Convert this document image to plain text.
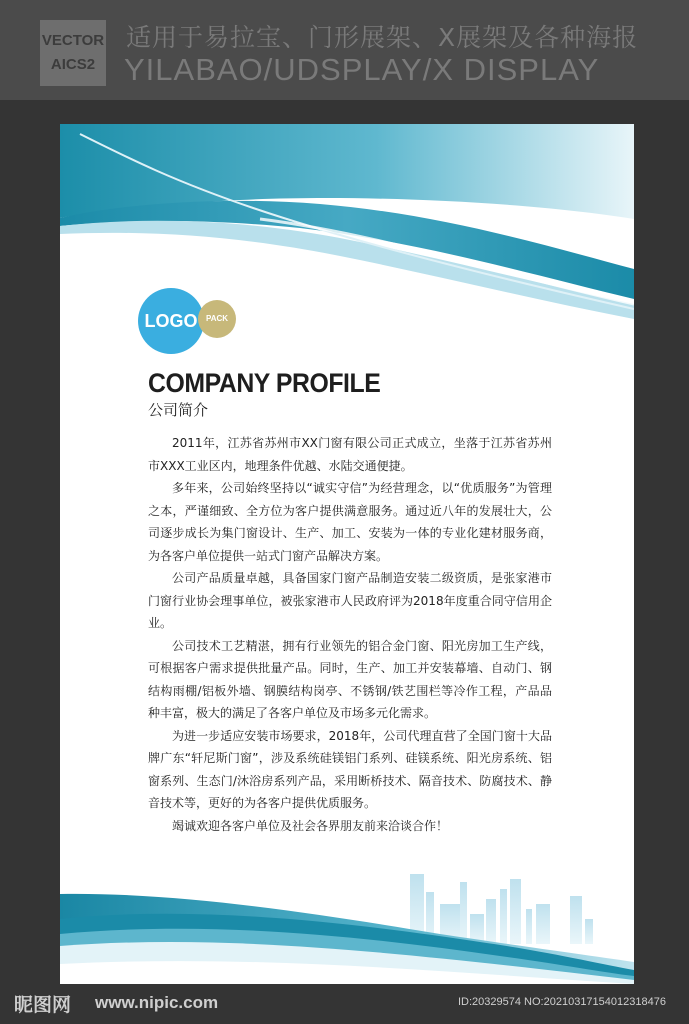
VECTOR
AICS2
适用于易拉宝、门形展架、X展架及各种海报
YILABAO/UDSPLAY/X DISPLAY
LOGO	PACK
COMPANY PROFILE
公司简介

2011年，江苏省苏州市XX门窗有限公司正式成立，坐落于江苏省苏州市XXX工业区内，地理条件优越、水陆交通便捷。

多年来，公司始终坚持以“诚实守信”为经营理念，以“优质服务”为管理之本，严谨细致、全方位为客户提供满意服务。通过近八年的发展壮大，公司逐步成长为集门窗设计、生产、加工、安装为一体的专业化建材服务商，为各客户单位提供一站式门窗产品解决方案。

公司产品质量卓越，具备国家门窗产品制造安装二级资质，是张家港市门窗行业协会理事单位，被张家港市人民政府评为2018年度重合同守信用企业。

公司技术工艺精湛，拥有行业领先的铝合金门窗、阳光房加工生产线，可根据客户需求提供批量产品。同时，生产、加工并安装幕墙、自动门、钢结构雨棚/铝板外墙、钢膜结构岗亭、不锈钢/铁艺围栏等冷作工程，产品品种丰富，极大的满足了各客户单位及市场多元化需求。

为进一步适应安装市场要求，2018年，公司代理直营了全国门窗十大品牌广东“轩尼斯门窗”，涉及系统硅镁铝门系列、硅镁系统、阳光房系统、铝窗系列、生态门/沐浴房系列产品，采用断桥技术、隔音技术、防腐技术、静音技术等，更好的为各客户提供优质服务。

竭诚欢迎各客户单位及社会各界朋友前来洽谈合作！

昵图网 www.nipic.com	ID:20329574 NO:20210317154012318476
